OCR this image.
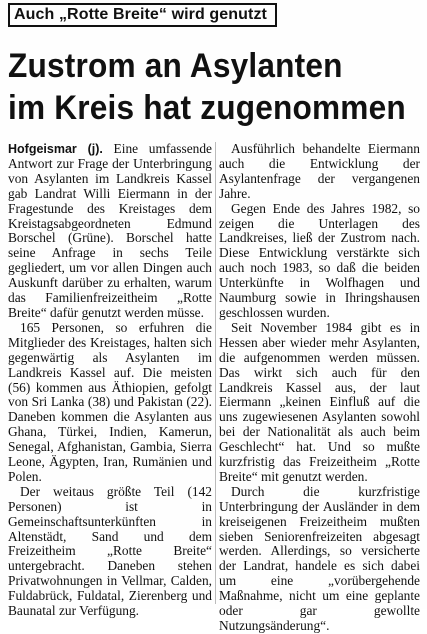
Auch „Rotte Breite“ wird genutzt
Zustrom an Asylanten
im Kreis hat zugenommen

Hofgeismar (j). Eine umfassende Antwort zur Frage der Unterbringung von Asylanten im Landkreis Kassel gab Landrat Willi Eiermann in der Fragestunde des Kreistages dem Kreistagsabgeordneten Edmund Borschel (Grüne). Borschel hatte seine Anfrage in sechs Teile gegliedert, um vor allen Dingen auch Auskunft darüber zu erhalten, warum das Familienfreizeitheim „Rotte Breite“ dafür genutzt werden müsse.

165 Personen, so erfuhren die Mitglieder des Kreistages, halten sich gegenwärtig als Asylanten im Landkreis Kassel auf. Die meisten (56) kommen aus Äthiopien, gefolgt von Sri Lanka (38) und Pakistan (22). Daneben kommen die Asylanten aus Ghana, Türkei, Indien, Kamerun, Senegal, Afghanistan, Gambia, Sierra Leone, Ägypten, Iran, Rumänien und Polen.

Der weitaus größte Teil (142 Personen) ist in Gemeinschaftsunterkünften in Altenstädt, Sand und dem Freizeitheim „Rotte Breite“ untergebracht. Daneben stehen Privatwohnungen in Vellmar, Calden, Fuldabrück, Fuldatal, Zierenberg und Baunatal zur Verfügung.

Ausführlich behandelte Eiermann auch die Entwicklung der Asylantenfrage der vergangenen Jahre.

Gegen Ende des Jahres 1982, so zeigen die Unterlagen des Landkreises, ließ der Zustrom nach. Diese Entwicklung verstärkte sich auch noch 1983, so daß die beiden Unterkünfte in Wolfhagen und Naumburg sowie in Ihringshausen geschlossen wurden.

Seit November 1984 gibt es in Hessen aber wieder mehr Asylanten, die aufgenommen werden müssen. Das wirkt sich auch für den Landkreis Kassel aus, der laut Eiermann „keinen Einfluß auf die uns zugewiesenen Asylanten sowohl bei der Nationalität als auch beim Geschlecht“ hat. Und so mußte kurzfristig das Freizeitheim „Rotte Breite“ mit genutzt werden.

Durch die kurzfristige Unterbringung der Ausländer in dem kreiseigenen Freizeitheim mußten sieben Seniorenfreizeiten abgesagt werden. Allerdings, so versicherte der Landrat, handele es sich dabei um eine „vorübergehende Maßnahme, nicht um eine geplante oder gar gewollte Nutzungsänderung“.
